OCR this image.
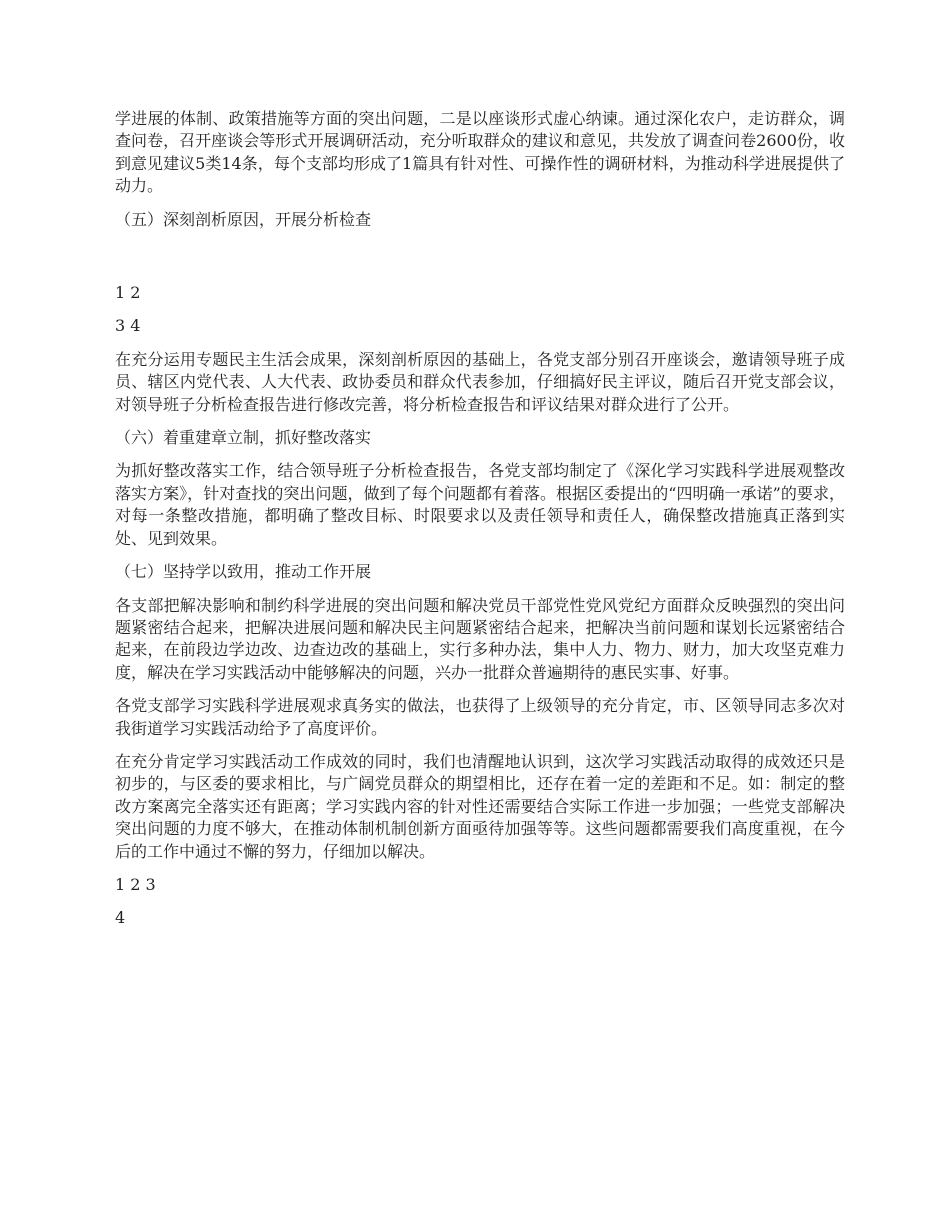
学进展的体制、政策措施等方面的突出问题，二是以座谈形式虚心纳谏。通过深化农户，走访群众，调查问卷，召开座谈会等形式开展调研活动，充分听取群众的建议和意见，共发放了调查问卷2600份，收到意见建议5类14条，每个支部均形成了1篇具有针对性、可操作性的调研材料，为推动科学进展提供了动力。

（五）深刻剖析原因，开展分析检查

1 2

3 4

在充分运用专题民主生活会成果，深刻剖析原因的基础上，各党支部分别召开座谈会，邀请领导班子成员、辖区内党代表、人大代表、政协委员和群众代表参加，仔细搞好民主评议，随后召开党支部会议，对领导班子分析检查报告进行修改完善，将分析检查报告和评议结果对群众进行了公开。

（六）着重建章立制，抓好整改落实

为抓好整改落实工作，结合领导班子分析检查报告，各党支部均制定了《深化学习实践科学进展观整改落实方案》，针对查找的突出问题，做到了每个问题都有着落。根据区委提出的“四明确一承诺”的要求，对每一条整改措施，都明确了整改目标、时限要求以及责任领导和责任人，确保整改措施真正落到实处、见到效果。

（七）坚持学以致用，推动工作开展

各支部把解决影响和制约科学进展的突出问题和解决党员干部党性党风党纪方面群众反映强烈的突出问题紧密结合起来，把解决进展问题和解决民主问题紧密结合起来，把解决当前问题和谋划长远紧密结合起来，在前段边学边改、边查边改的基础上，实行多种办法，集中人力、物力、财力，加大攻坚克难力度，解决在学习实践活动中能够解决的问题，兴办一批群众普遍期待的惠民实事、好事。

各党支部学习实践科学进展观求真务实的做法，也获得了上级领导的充分肯定，市、区领导同志多次对我街道学习实践活动给予了高度评价。

在充分肯定学习实践活动工作成效的同时，我们也清醒地认识到，这次学习实践活动取得的成效还只是初步的，与区委的要求相比，与广阔党员群众的期望相比，还存在着一定的差距和不足。如：制定的整改方案离完全落实还有距离；学习实践内容的针对性还需要结合实际工作进一步加强；一些党支部解决突出问题的力度不够大，在推动体制机制创新方面亟待加强等等。这些问题都需要我们高度重视，在今后的工作中通过不懈的努力，仔细加以解决。

1 2 3

4
